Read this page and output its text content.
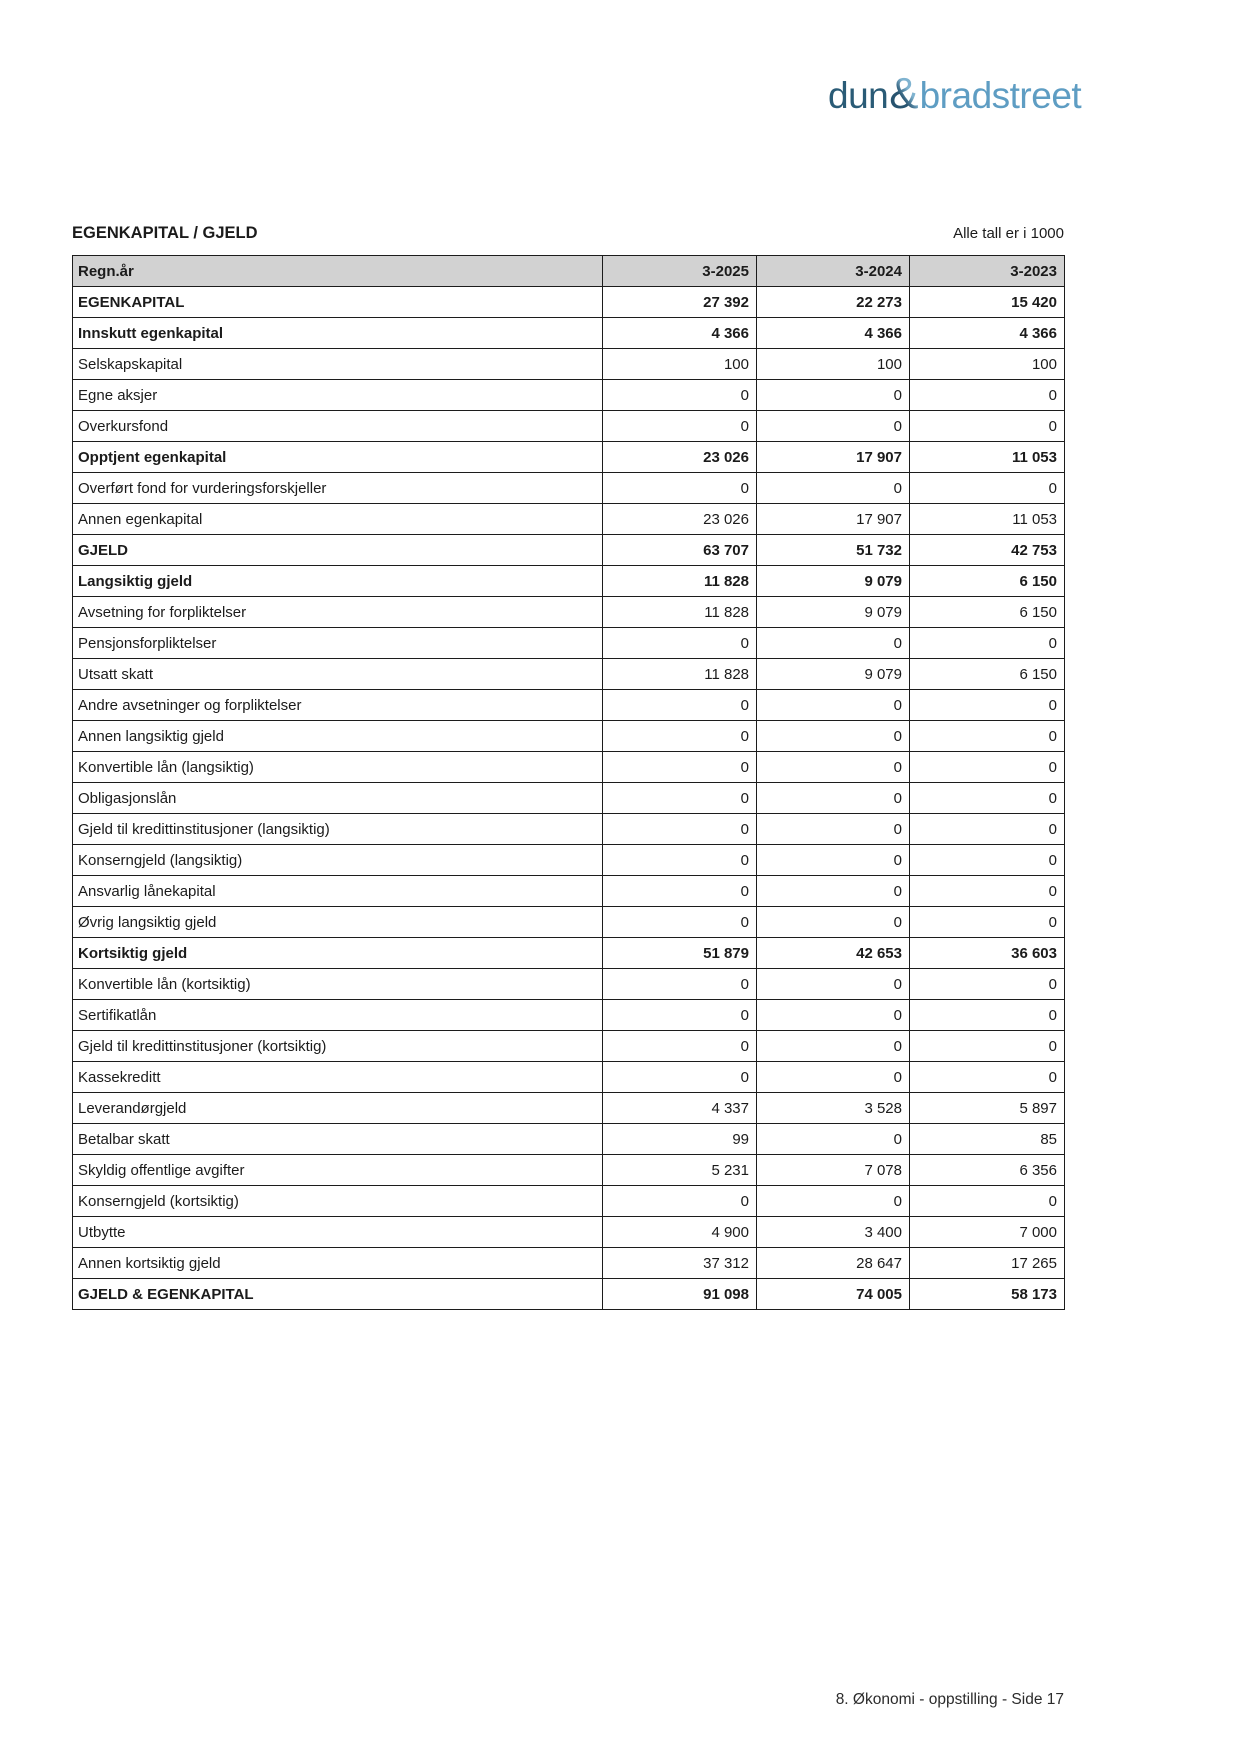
dun & bradstreet
EGENKAPITAL / GJELD	Alle tall er i 1000
Regn.år	3-2025	3-2024	3-2023
EGENKAPITAL	27 392	22 273	15 420
Innskutt egenkapital	4 366	4 366	4 366
Selskapskapital	100	100	100
Egne aksjer	0	0	0
Overkursfond	0	0	0
Opptjent egenkapital	23 026	17 907	11 053
Overført fond for vurderingsforskjeller	0	0	0
Annen egenkapital	23 026	17 907	11 053
GJELD	63 707	51 732	42 753
Langsiktig gjeld	11 828	9 079	6 150
Avsetning for forpliktelser	11 828	9 079	6 150
Pensjonsforpliktelser	0	0	0
Utsatt skatt	11 828	9 079	6 150
Andre avsetninger og forpliktelser	0	0	0
Annen langsiktig gjeld	0	0	0
Konvertible lån (langsiktig)	0	0	0
Obligasjonslån	0	0	0
Gjeld til kredittinstitusjoner (langsiktig)	0	0	0
Konserngjeld (langsiktig)	0	0	0
Ansvarlig lånekapital	0	0	0
Øvrig langsiktig gjeld	0	0	0
Kortsiktig gjeld	51 879	42 653	36 603
Konvertible lån (kortsiktig)	0	0	0
Sertifikatlån	0	0	0
Gjeld til kredittinstitusjoner (kortsiktig)	0	0	0
Kassekreditt	0	0	0
Leverandørgjeld	4 337	3 528	5 897
Betalbar skatt	99	0	85
Skyldig offentlige avgifter	5 231	7 078	6 356
Konserngjeld (kortsiktig)	0	0	0
Utbytte	4 900	3 400	7 000
Annen kortsiktig gjeld	37 312	28 647	17 265
GJELD & EGENKAPITAL	91 098	74 005	58 173
8. Økonomi - oppstilling - Side 17
